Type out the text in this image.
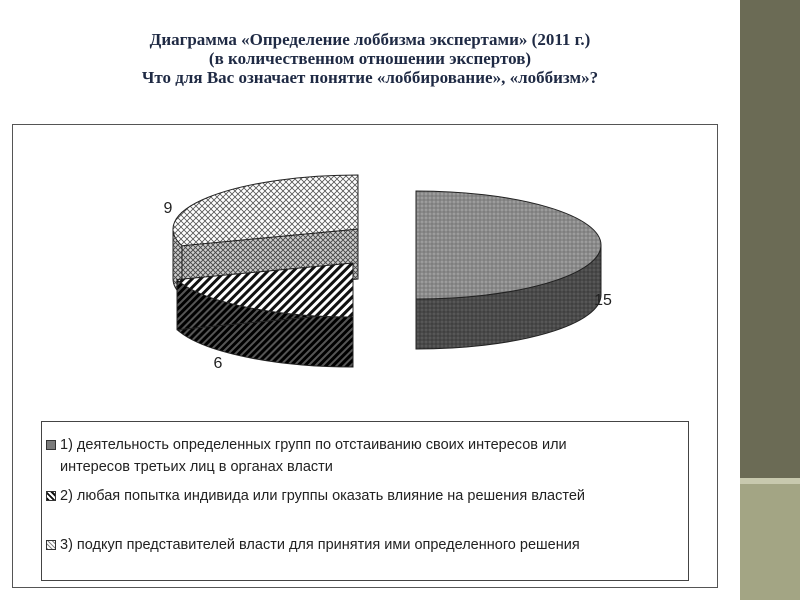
Диаграмма «Определение лоббизма экспертами» (2011 г.)
(в количественном отношении экспертов)
Что для Вас означает понятие «лоббирование», «лоббизм»?
15
6
9
1) деятельность определенных групп по отстаиванию своих интересов или
интересов третьих лиц в органах власти
2) любая попытка индивида или группы оказать влияние на решения властей
3) подкуп представителей власти для принятия ими определенного решения
